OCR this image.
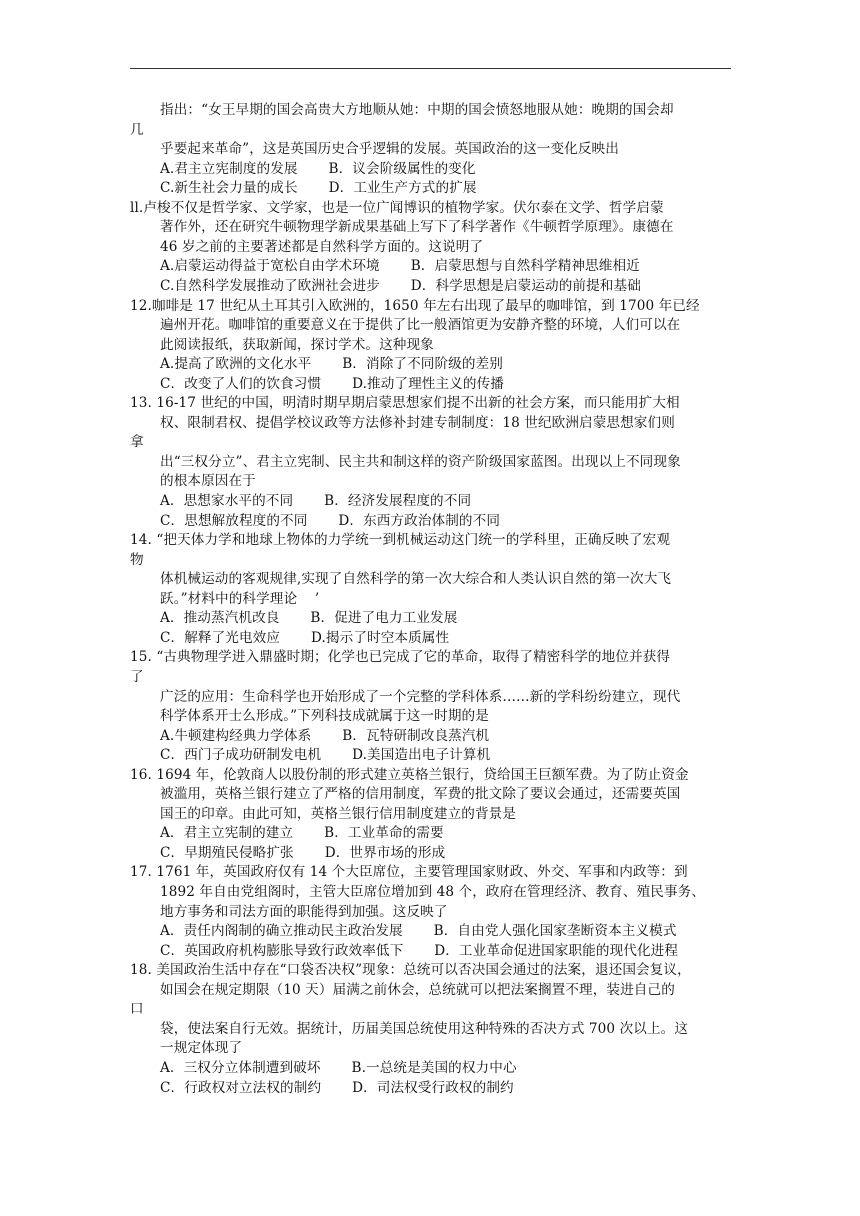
指出：“女王早期的国会高贵大方地顺从她：中期的国会愤怒地服从她：晚期的国会却
几
乎要起来革命”，这是英国历史合乎逻辑的发展。英国政治的这一变化反映出
A.君主立宪制度的发展       B．议会阶级属性的变化
C.新生社会力量的成长       D．工业生产方式的扩展
ll.卢梭不仅是哲学家、文学家，也是一位广闻博识的植物学家。伏尔泰在文学、哲学启蒙
著作外，还在研究牛顿物理学新成果基础上写下了科学著作《牛顿哲学原理》。康德在
46 岁之前的主要著述都是自然科学方面的。这说明了
A.启蒙运动得益于宽松自由学术环境       B．启蒙思想与自然科学精神思维相近
C.自然科学发展推动了欧洲社会进步       D．科学思想是启蒙运动的前提和基础
12.咖啡是 17 世纪从土耳其引入欧洲的，1650 年左右出现了最早的咖啡馆，到 1700 年已经
遍州开花。咖啡馆的重要意义在于提供了比一般酒馆更为安静齐整的环境，人们可以在
此阅读报纸，获取新闻，探讨学术。这种现象
A.提高了欧洲的文化水平       B．消除了不同阶级的差别
C．改变了人们的饮食习惯       D.推动了理性主义的传播
13. 16-17 世纪的中国，明清时期早期启蒙思想家们提不出新的社会方案，而只能用扩大相
权、限制君权、提倡学校议政等方法修补封建专制制度：18 世纪欧洲启蒙思想家们则
拿
出“三权分立”、君主立宪制、民主共和制这样的资产阶级国家蓝图。出现以上不同现象
的根本原因在于
A．思想家水平的不同       B．经济发展程度的不同
C．思想解放程度的不同       D．东西方政治体制的不同
14. “把天体力学和地球上物体的力学统一到机械运动这门统一的学科里，正确反映了宏观
物
体机械运动的客观规律,实现了自然科学的第一次大综合和人类认识自然的第一次大飞
跃。”材料中的科学理论    ’
A．推动蒸汽机改良       B．促进了电力工业发展
C．解释了光电效应       D.揭示了时空本质属性
15. “古典物理学进入鼎盛时期；化学也已完成了它的革命，取得了精密科学的地位并获得
了
广泛的应用：生命科学也开始形成了一个完整的学科体系……新的学科纷纷建立，现代
科学体系开士么形成。”下列科技成就属于这一时期的是
A.牛顿建构经典力学体系       B．瓦特研制改良蒸汽机
C．西门子成功研制发电机       D.美国造出电子计算机
16. 1694 年，伦敦商人以股份制的形式建立英格兰银行，贷给国王巨额军费。为了防止资金
被滥用，英格兰银行建立了严格的信用制度，军费的批文除了要议会通过，还需要英国
国王的印章。由此可知，英格兰银行信用制度建立的背景是
A．君主立宪制的建立       B．工业革命的需要
C．早期殖民侵略扩张       D．世界市场的形成
17. 1761 年，英国政府仅有 14 个大臣席位，主要管理国家财政、外交、军事和内政等：到
1892 年自由党组阁时，主管大臣席位增加到 48 个，政府在管理经济、教育、殖民事务、
地方事务和司法方面的职能得到加强。这反映了
A．责任内阁制的确立推动民主政治发展       B．自由党人强化国家垄断资本主义模式
C．英国政府机构膨胀导致行政效率低下       D．工业革命促进国家职能的现代化进程
18. 美国政治生活中存在“口袋否决权”现象：总统可以否决国会通过的法案，退还国会复议，
如国会在规定期限（10 天）届满之前休会，总统就可以把法案搁置不理，装进自己的
口
袋，使法案自行无效。据统计，历届美国总统使用这种特殊的否决方式 700 次以上。这
一规定体现了
A．三权分立体制遭到破坏       B.一总统是美国的权力中心
C．行政权对立法权的制约       D．司法权受行政权的制约
